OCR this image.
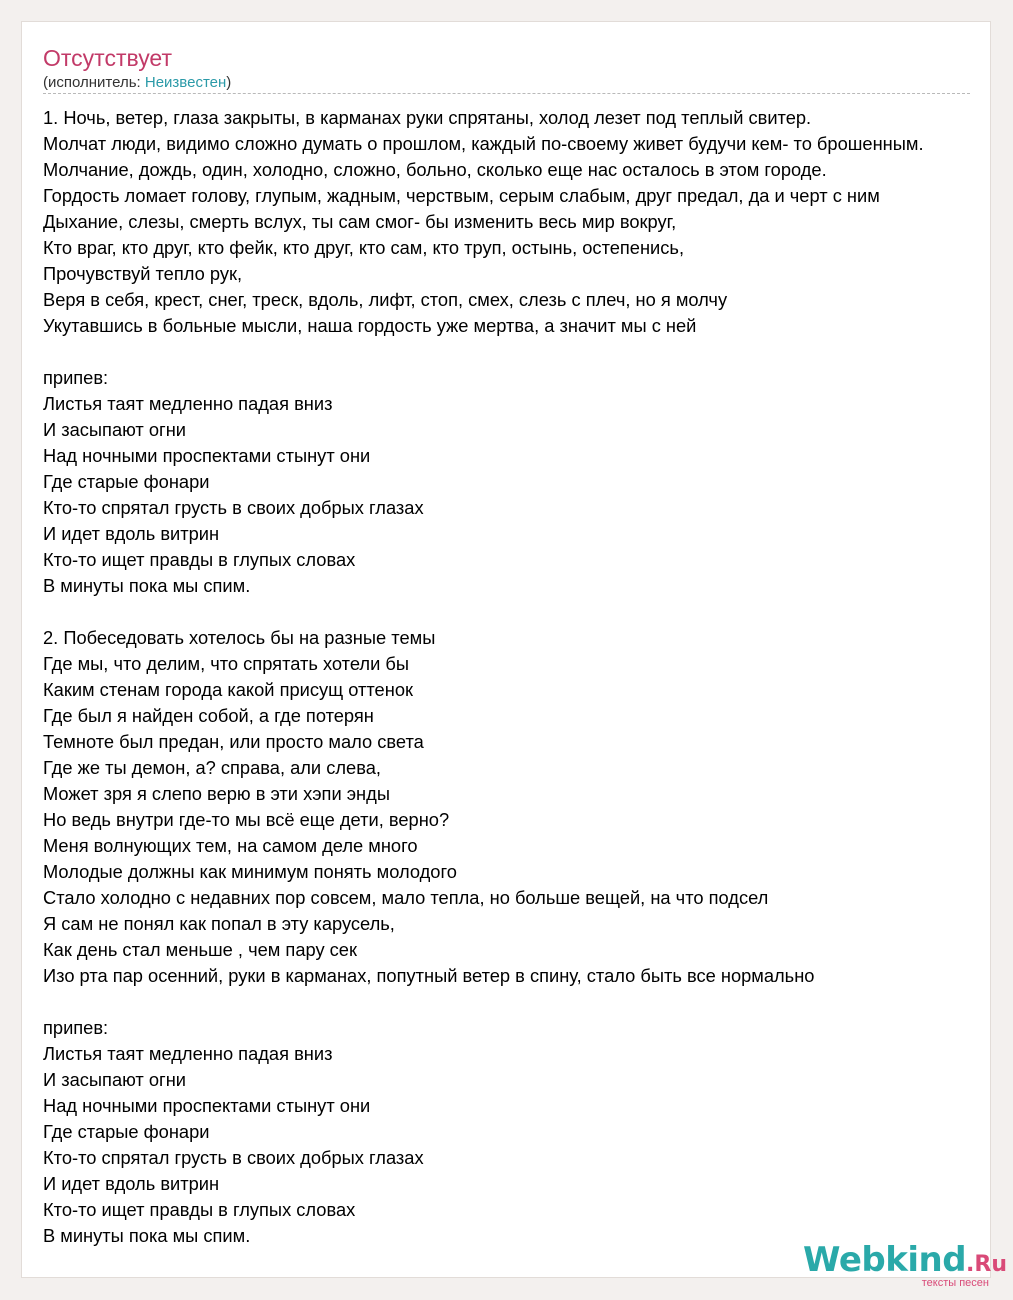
Отсутствует
(исполнитель: Неизвестен)
1. Ночь, ветер, глаза закрыты, в карманах руки спрятаны, холод лезет под теплый свитер.
Молчат люди, видимо сложно думать о прошлом, каждый по-своему живет будучи кем- то брошенным.
Молчание, дождь, один, холодно, сложно, больно, сколько еще нас осталось в этом городе.
Гордость ломает голову, глупым, жадным, черствым, серым слабым, друг предал, да и черт с ним
Дыхание, слезы, смерть вслух, ты сам смог- бы изменить весь мир вокруг,
Кто враг, кто друг, кто фейк, кто друг, кто сам, кто труп, остынь, остепенись,
Прочувствуй тепло рук,
Веря в себя, крест, снег, треск, вдоль, лифт, стоп, смех, слезь с плеч, но я молчу
Укутавшись в больные мысли, наша гордость уже мертва, а значит мы с ней
припев:
Листья таят медленно падая вниз
И засыпают огни
Над ночными проспектами стынут они
Где старые фонари
Кто-то спрятал грусть в своих добрых глазах
И идет вдоль витрин
Кто-то ищет правды в глупых словах
В минуты пока мы спим.
2. Побеседовать хотелось бы на разные темы
Где мы, что делим, что спрятать хотели бы
Каким стенам города какой присущ оттенок
Где был я найден собой, а где потерян
Темноте был предан, или просто мало света
Где же ты демон, а? справа, али слева,
Может зря я слепо верю в эти хэпи энды
Но ведь внутри где-то мы всё еще дети, верно?
Меня волнующих тем, на самом деле много
Молодые должны как минимум понять молодого
Стало холодно с недавних пор совсем, мало тепла, но больше вещей, на что подсел
Я сам не понял как попал в эту карусель,
Как день стал меньше , чем пару сек
Изо рта пар осенний, руки в карманах, попутный ветер в спину, стало быть все нормально
припев:
Листья таят медленно падая вниз
И засыпают огни
Над ночными проспектами стынут они
Где старые фонари
Кто-то спрятал грусть в своих добрых глазах
И идет вдоль витрин
Кто-то ищет правды в глупых словах
В минуты пока мы спим.
Webkind.Ru
тексты песен
